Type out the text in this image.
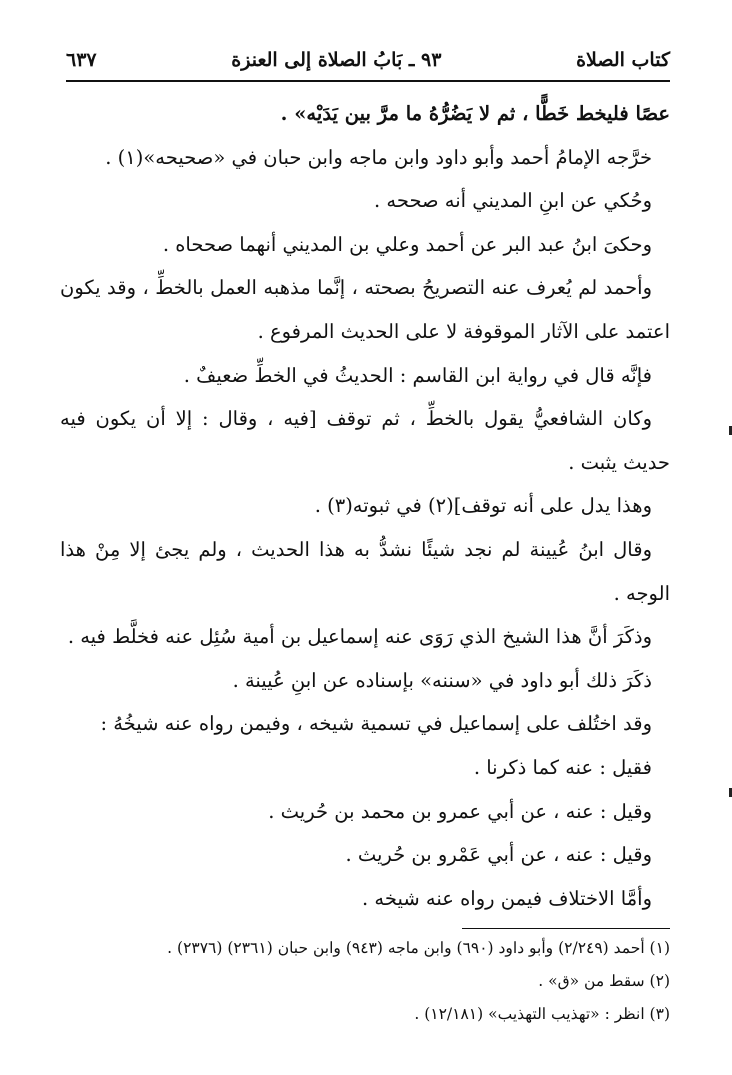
كتاب الصلاة
٩٣ ـ بَابُ الصلاة إلى العنزة
٦٣٧

عصًا فليخط خَطًّا ، ثم لا يَضُرُّهُ ما مرَّ بين يَدَيْه» .

خرَّجه الإمامُ أحمد وأبو داود وابن ماجه وابن حبان في «صحيحه»(١) .

وحُكي عن ابنِ المديني أنه صححه .

وحكىَ ابنُ عبد البر عن أحمد وعلي بن المديني أنهما صححاه .

وأحمد لم يُعرف عنه التصريحُ بصحته ، إنَّما مذهبه العمل بالخطِّ ، وقد يكون اعتمد على الآثار الموقوفة لا على الحديث المرفوع .

فإنَّه قال في رواية ابن القاسم : الحديثُ في الخطِّ ضعيفٌ .

وكان الشافعيُّ يقول بالخطِّ ، ثم توقف [فيه ، وقال : إلا أن يكون فيه حديث يثبت .

وهذا يدل على أنه توقف](٢) في ثبوته(٣) .

وقال ابنُ عُيينة لم نجد شيئًا نشدُّ به هذا الحديث ، ولم يجئ إلا مِنْ هذا الوجه .

وذكَرَ أنَّ هذا الشيخ الذي رَوَى عنه إسماعيل بن أمية سُئِل عنه فخلَّط فيه .

ذكَرَ ذلك أبو داود في «سننه» بإسناده عن ابنِ عُيينة .

وقد اختُلف على إسماعيل في تسمية شيخه ، وفيمن رواه عنه شيخُهُ :

فقيل : عنه كما ذكرنا .

وقيل : عنه ، عن أبي عمرو بن محمد بن حُريث .

وقيل : عنه ، عن أبي عَمْرو بن حُريث .

وأمَّا الاختلاف فيمن رواه عنه شيخه .

(١) أحمد (٢/٢٤٩) وأبو داود (٦٩٠) وابن ماجه (٩٤٣) وابن حبان (٢٣٦١) (٢٣٧٦) .

(٢) سقط من «ق» .

(٣) انظر : «تهذيب التهذيب» (١٢/١٨١) .
